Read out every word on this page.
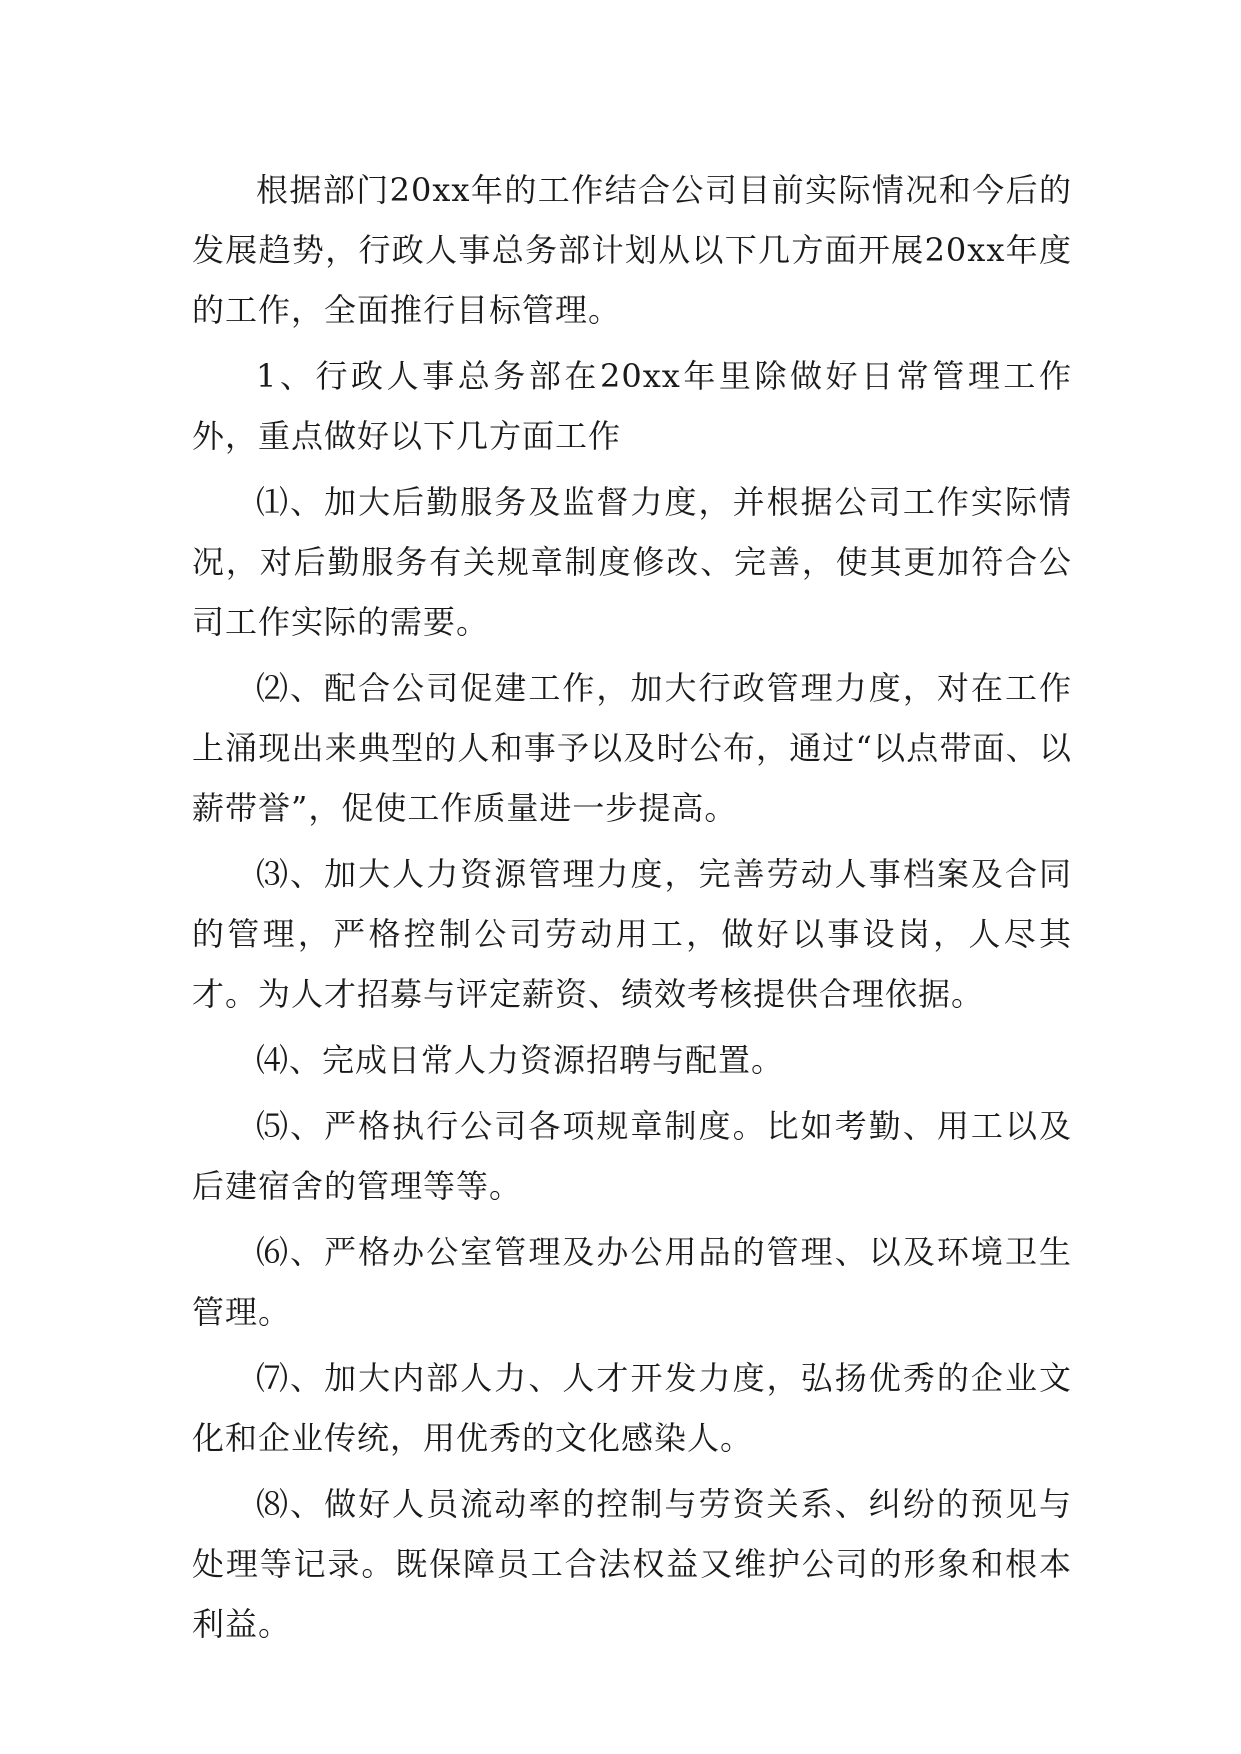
根据部门20xx年的工作结合公司目前实际情况和今后的发展趋势，行政人事总务部计划从以下几方面开展20xx年度的工作，全面推行目标管理。

1、行政人事总务部在20xx年里除做好日常管理工作外，重点做好以下几方面工作

⑴、加大后勤服务及监督力度，并根据公司工作实际情况，对后勤服务有关规章制度修改、完善，使其更加符合公司工作实际的需要。

⑵、配合公司促建工作，加大行政管理力度，对在工作上涌现出来典型的人和事予以及时公布，通过“以点带面、以薪带誉”，促使工作质量进一步提高。

⑶、加大人力资源管理力度，完善劳动人事档案及合同的管理，严格控制公司劳动用工，做好以事设岗，人尽其才。为人才招募与评定薪资、绩效考核提供合理依据。

⑷、完成日常人力资源招聘与配置。

⑸、严格执行公司各项规章制度。比如考勤、用工以及后建宿舍的管理等等。

⑹、严格办公室管理及办公用品的管理、以及环境卫生管理。

⑺、加大内部人力、人才开发力度，弘扬优秀的企业文化和企业传统，用优秀的文化感染人。

⑻、做好人员流动率的控制与劳资关系、纠纷的预见与处理等记录。既保障员工合法权益又维护公司的形象和根本利益。
